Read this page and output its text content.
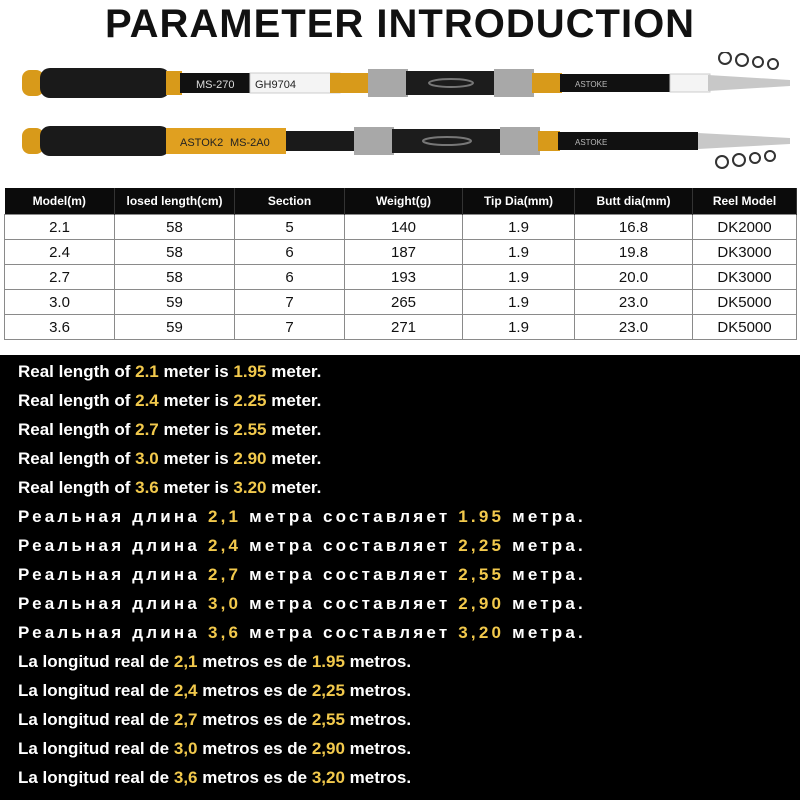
PARAMETER INTRODUCTION
MS-270 GH9704	ASTOKE
ASTOK2 MS-2A0	ASTOKE
Model(m)	losed length(cm)	Section	Weight(g)	Tip Dia(mm)	Butt dia(mm)	Reel Model
2.1	58	5	140	1.9	16.8	DK2000
2.4	58	6	187	1.9	19.8	DK3000
2.7	58	6	193	1.9	20.0	DK3000
3.0	59	7	265	1.9	23.0	DK5000
3.6	59	7	271	1.9	23.0	DK5000
Real length of 2.1 meter is 1.95 meter.
Real length of 2.4 meter is 2.25 meter.
Real length of 2.7 meter is 2.55 meter.
Real length of 3.0 meter is 2.90 meter.
Real length of 3.6 meter is 3.20 meter.
Реальная длина 2,1 метра составляет 1.95 метра.
Реальная длина 2,4 метра составляет 2,25 метра.
Реальная длина 2,7 метра составляет 2,55 метра.
Реальная длина 3,0 метра составляет 2,90 метра.
Реальная длина 3,6 метра составляет 3,20 метра.
La longitud real de 2,1 metros es de 1.95 metros.
La longitud real de 2,4 metros es de 2,25 metros.
La longitud real de 2,7 metros es de 2,55 metros.
La longitud real de 3,0 metros es de 2,90 metros.
La longitud real de 3,6 metros es de 3,20 metros.
